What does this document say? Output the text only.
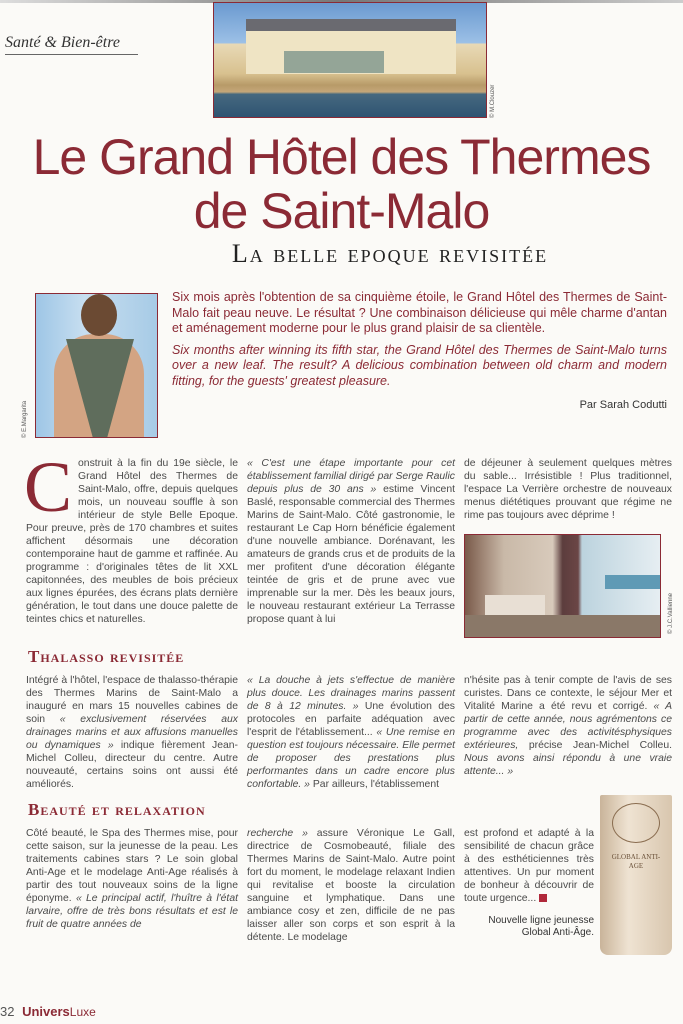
Santé & Bien-être
© M.Clouzer
Le Grand Hôtel des Thermes
de Saint-Malo
La belle epoque revisitée
© E.Margarita

Six mois après l'obtention de sa cinquième étoile, le Grand Hôtel des Thermes de Saint-Malo fait peau neuve. Le résultat ? Une combinaison délicieuse qui mêle charme d'antan et aménagement moderne pour le plus grand plaisir de sa clientèle.

Six months after winning its fifth star, the Grand Hôtel des Thermes de Saint-Malo turns over a new leaf. The result? A delicious combination between old charm and modern fitting, for the guests' greatest pleasure.

Par Sarah Codutti
Construit à la fin du 19e siècle, le Grand Hôtel des Thermes de Saint-Malo, offre, depuis quelques mois, un nouveau souffle à son intérieur de style Belle Epoque. Pour preuve, près de 170 chambres et suites affichent désormais une décoration contemporaine haut de gamme et raffinée. Au programme : d'originales têtes de lit XXL capitonnées, des meubles de bois précieux aux lignes épurées, des écrans plats dernière génération, le tout dans une douce palette de teintes chics et naturelles.
« C'est une étape importante pour cet établissement familial dirigé par Serge Raulic depuis plus de 30 ans » estime Vincent Baslé, responsable commercial des Thermes Marins de Saint-Malo. Côté gastronomie, le restaurant Le Cap Horn bénéficie également d'une nouvelle ambiance. Dorénavant, les amateurs de grands crus et de produits de la mer profitent d'une décoration élégante teintée de gris et de prune avec vue imprenable sur la mer. Dès les beaux jours, le nouveau restaurant extérieur La Terrasse propose quant à lui
de déjeuner à seulement quelques mètres du sable... Irrésistible ! Plus traditionnel, l'espace La Verrière orchestre de nouveaux menus diététiques prouvant que régime ne rime pas toujours avec déprime !
© J.C.Vallienne
Thalasso revisitée
Intégré à l'hôtel, l'espace de thalasso-thérapie des Thermes Marins de Saint-Malo a inauguré en mars 15 nouvelles cabines de soin « exclusivement réservées aux drainages marins et aux affusions manuelles ou dynamiques » indique fièrement Jean-Michel Colleu, directeur du centre. Autre nouveauté, certains soins ont aussi été améliorés.
« La douche à jets s'effectue de manière plus douce. Les drainages marins passent de 8 à 12 minutes. » Une évolution des protocoles en parfaite adéquation avec l'esprit de l'établissement... « Une remise en question est toujours nécessaire. Elle permet de proposer des prestations plus performantes dans un cadre encore plus confortable. » Par ailleurs, l'établissement
n'hésite pas à tenir compte de l'avis de ses curistes. Dans ce contexte, le séjour Mer et Vitalité Marine a été revu et corrigé. « A partir de cette année, nous agrémentons ce programme avec des activitésphysiques extérieures, précise Jean-Michel Colleu. Nous avons ainsi répondu à une vraie attente... »
Beauté et relaxation
Côté beauté, le Spa des Thermes mise, pour cette saison, sur la jeunesse de la peau. Les traitements cabines stars ? Le soin global Anti-Age et le modelage Anti-Age réalisés à partir des tout nouveaux soins de la ligne éponyme. « Le principal actif, l'huître à l'état larvaire, offre de très bons résultats et est le fruit de quatre années de
recherche » assure Véronique Le Gall, directrice de Cosmobeauté, filiale des Thermes Marins de Saint-Malo. Autre point fort du moment, le modelage relaxant Indien qui revitalise et booste la circulation sanguine et lymphatique. Dans une ambiance cosy et zen, difficile de ne pas laisser aller son corps et son esprit à la détente. Le modelage
est profond et adapté à la sensibilité de chacun grâce à des esthéticiennes très attentives. Un pur moment de bonheur à découvrir de toute urgence...
Nouvelle ligne jeunesse
Global Anti-Âge.
GLOBAL ANTI-AGE
32 UniversLuxe
